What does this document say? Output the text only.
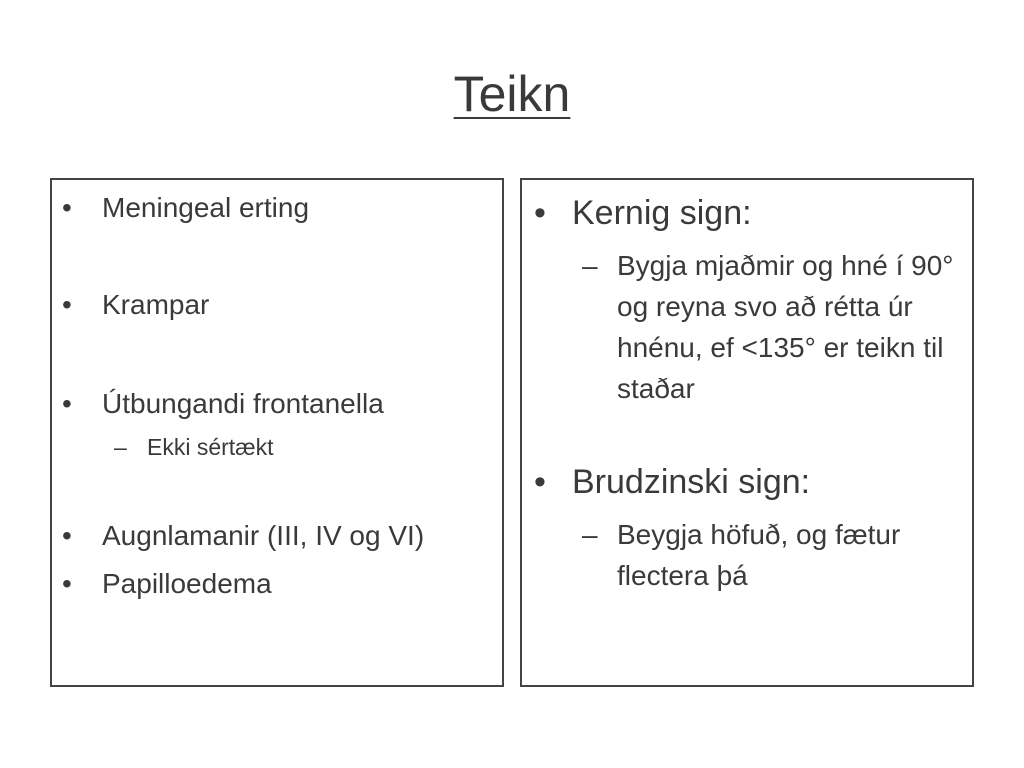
Teikn
• Meningeal erting
• Krampar
• Útbungandi frontanella
– Ekki sértækt
• Augnlamanir (III, IV og VI)
• Papilloedema
• Kernig sign:
– Bygja mjaðmir og hné í 90° og reyna svo að rétta úr hnénu, ef <135° er teikn til staðar
• Brudzinski sign:
– Beygja höfuð, og fætur flectera þá
